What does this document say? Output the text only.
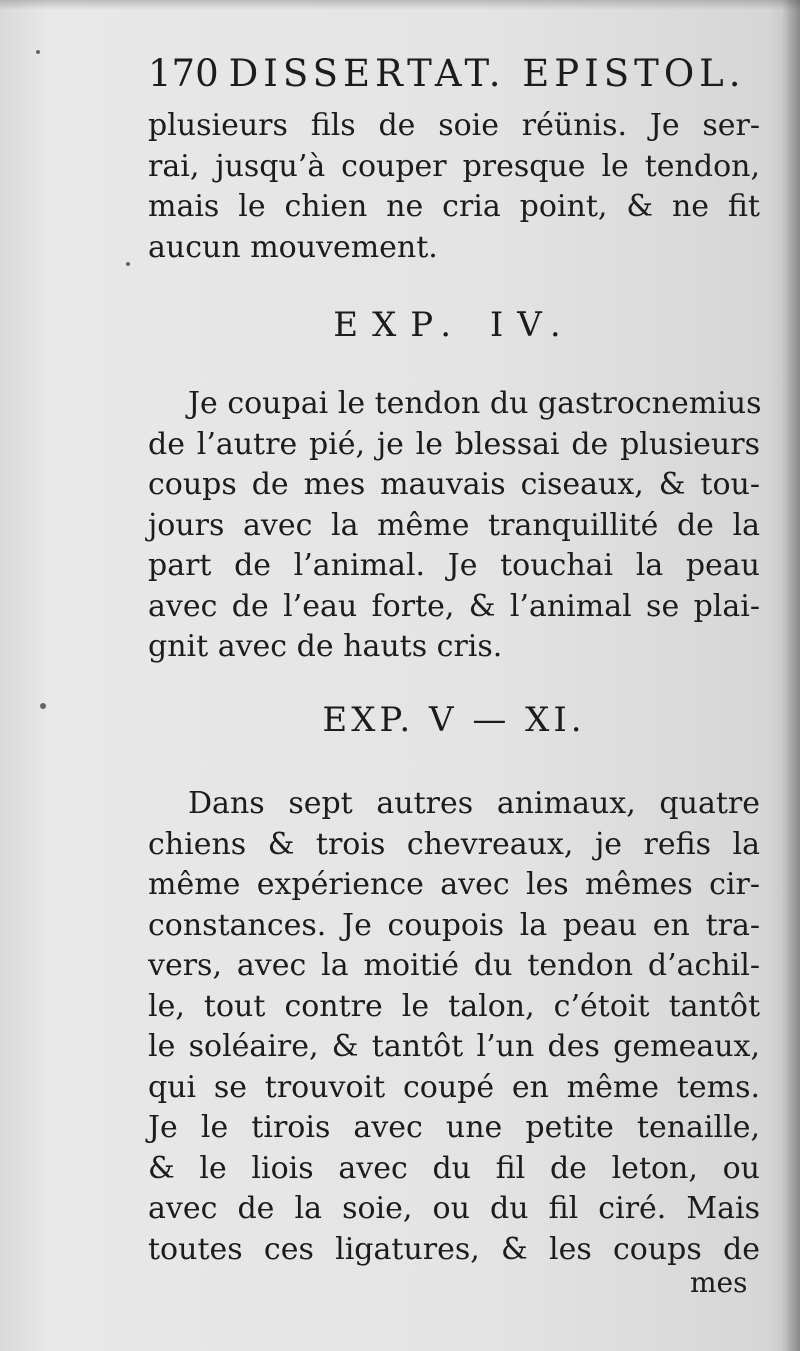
170 DISSERTAT. EPISTOL.
plusieurs fils de soie réünis. Je ser-
rai, jusqu’à couper presque le tendon,
mais le chien ne cria point, & ne fit
aucun mouvement.
EXP. IV.
Je coupai le tendon du gastrocnemius
de l’autre pié, je le blessai de plusieurs
coups de mes mauvais ciseaux, & tou-
jours avec la même tranquillité de la
part de l’animal. Je touchai la peau
avec de l’eau forte, & l’animal se plai-
gnit avec de hauts cris.
EXP. V — XI.
Dans sept autres animaux, quatre
chiens & trois chevreaux, je refis la
même expérience avec les mêmes cir-
constances. Je coupois la peau en tra-
vers, avec la moitié du tendon d’achil-
le, tout contre le talon, c’étoit tantôt
le soléaire, & tantôt l’un des gemeaux,
qui se trouvoit coupé en même tems.
Je le tirois avec une petite tenaille,
& le liois avec du fil de leton, ou
avec de la soie, ou du fil ciré. Mais
toutes ces ligatures, & les coups de
mes
